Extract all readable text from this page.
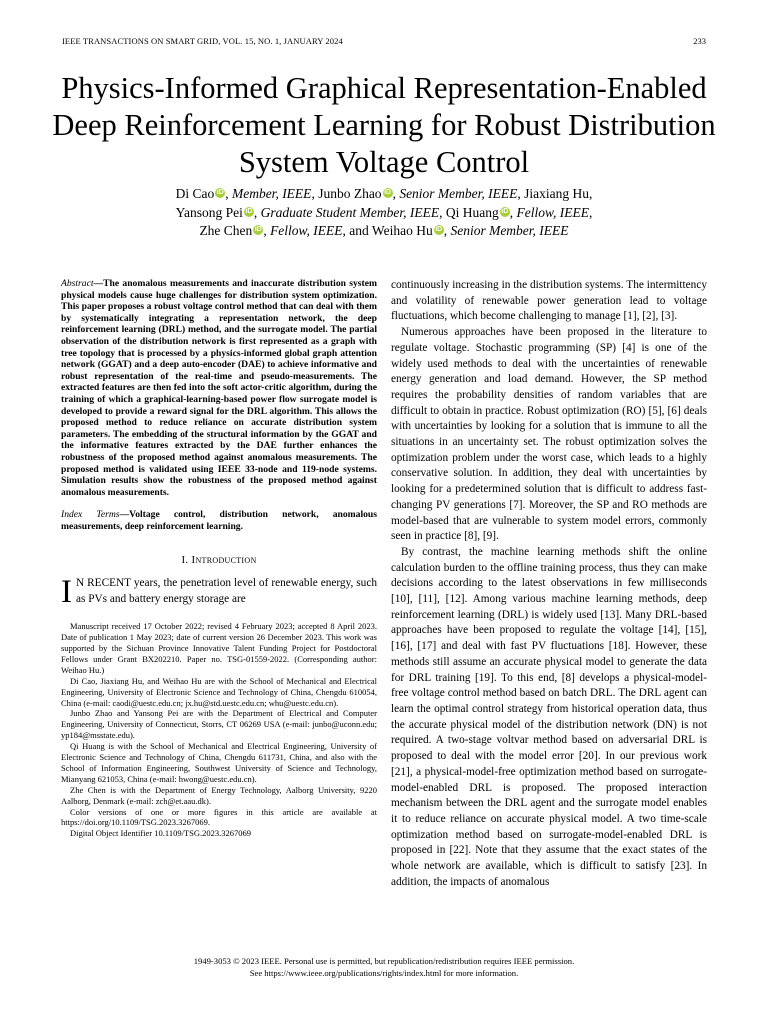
IEEE TRANSACTIONS ON SMART GRID, VOL. 15, NO. 1, JANUARY 2024	233
Physics-Informed Graphical Representation-Enabled Deep Reinforcement Learning for Robust Distribution System Voltage Control
Di Cao iD , Member, IEEE, Junbo Zhao iD , Senior Member, IEEE, Jiaxiang Hu,
Yansong Pei iD , Graduate Student Member, IEEE, Qi Huang iD , Fellow, IEEE,
Zhe Chen iD , Fellow, IEEE, and Weihao Hu iD , Senior Member, IEEE

Abstract—The anomalous measurements and inaccurate distribution system physical models cause huge challenges for distribution system optimization. This paper proposes a robust voltage control method that can deal with them by systematically integrating a representation network, the deep reinforcement learning (DRL) method, and the surrogate model. The partial observation of the distribution network is first represented as a graph with tree topology that is processed by a physics-informed global graph attention network (GGAT) and a deep auto-encoder (DAE) to achieve informative and robust representation of the real-time and pseudo-measurements. The extracted features are then fed into the soft actor-critic algorithm, during the training of which a graphical-learning-based power flow surrogate model is developed to provide a reward signal for the DRL algorithm. This allows the proposed method to reduce reliance on accurate distribution system parameters. The embedding of the structural information by the GGAT and the informative features extracted by the DAE further enhances the robustness of the proposed method against anomalous measurements. The proposed method is validated using IEEE 33-node and 119-node systems. Simulation results show the robustness of the proposed method against anomalous measurements.

Index Terms—Voltage control, distribution network, anomalous measurements, deep reinforcement learning.

I. Introduction

I N RECENT years, the penetration level of renewable energy, such as PVs and battery energy storage are

Manuscript received 17 October 2022; revised 4 February 2023; accepted 8 April 2023. Date of publication 1 May 2023; date of current version 26 December 2023. This work was supported by the Sichuan Province Innovative Talent Funding Project for Postdoctoral Fellows under Grant BX202210. Paper no. TSG-01559-2022. (Corresponding author: Weihao Hu.)

Di Cao, Jiaxiang Hu, and Weihao Hu are with the School of Mechanical and Electrical Engineering, University of Electronic Science and Technology of China, Chengdu 610054, China (e-mail: caodi@uestc.edu.cn; jx.hu@std.uestc.edu.cn; whu@uestc.edu.cn).

Junbo Zhao and Yansong Pei are with the Department of Electrical and Computer Engineering, University of Connecticut, Storrs, CT 06269 USA (e-mail: junbo@uconn.edu; yp184@msstate.edu).

Qi Huang is with the School of Mechanical and Electrical Engineering, University of Electronic Science and Technology of China, Chengdu 611731, China, and also with the School of Information Engineering, Southwest University of Science and Technology, Mianyang 621053, China (e-mail: hwong@uestc.edu.cn).

Zhe Chen is with the Department of Energy Technology, Aalborg University, 9220 Aalborg, Denmark (e-mail: zch@et.aau.dk).

Color versions of one or more figures in this article are available at https://doi.org/10.1109/TSG.2023.3267069.

Digital Object Identifier 10.1109/TSG.2023.3267069

continuously increasing in the distribution systems. The intermittency and volatility of renewable power generation lead to voltage fluctuations, which become challenging to manage [1], [2], [3].

Numerous approaches have been proposed in the literature to regulate voltage. Stochastic programming (SP) [4] is one of the widely used methods to deal with the uncertainties of renewable energy generation and load demand. However, the SP method requires the probability densities of random variables that are difficult to obtain in practice. Robust optimization (RO) [5], [6] deals with uncertainties by looking for a solution that is immune to all the situations in an uncertainty set. The robust optimization solves the optimization problem under the worst case, which leads to a highly conservative solution. In addition, they deal with uncertainties by looking for a predetermined solution that is difficult to address fast-changing PV generations [7]. Moreover, the SP and RO methods are model-based that are vulnerable to system model errors, commonly seen in practice [8], [9].

By contrast, the machine learning methods shift the online calculation burden to the offline training process, thus they can make decisions according to the latest observations in few milliseconds [10], [11], [12]. Among various machine learning methods, deep reinforcement learning (DRL) is widely used [13]. Many DRL-based approaches have been proposed to regulate the voltage [14], [15], [16], [17] and deal with fast PV fluctuations [18]. However, these methods still assume an accurate physical model to generate the data for DRL training [19]. To this end, [8] develops a physical-model-free voltage control method based on batch DRL. The DRL agent can learn the optimal control strategy from historical operation data, thus the accurate physical model of the distribution network (DN) is not required. A two-stage voltvar method based on adversarial DRL is proposed to deal with the model error [20]. In our previous work [21], a physical-model-free optimization method based on surrogate-model-enabled DRL is proposed. The proposed interaction mechanism between the DRL agent and the surrogate model enables it to reduce reliance on accurate physical model. A two time-scale optimization method based on surrogate-model-enabled DRL is proposed in [22]. Note that they assume that the exact states of the whole network are available, which is difficult to satisfy [23]. In addition, the impacts of anomalous

1949-3053 © 2023 IEEE. Personal use is permitted, but republication/redistribution requires IEEE permission.
See https://www.ieee.org/publications/rights/index.html for more information.
